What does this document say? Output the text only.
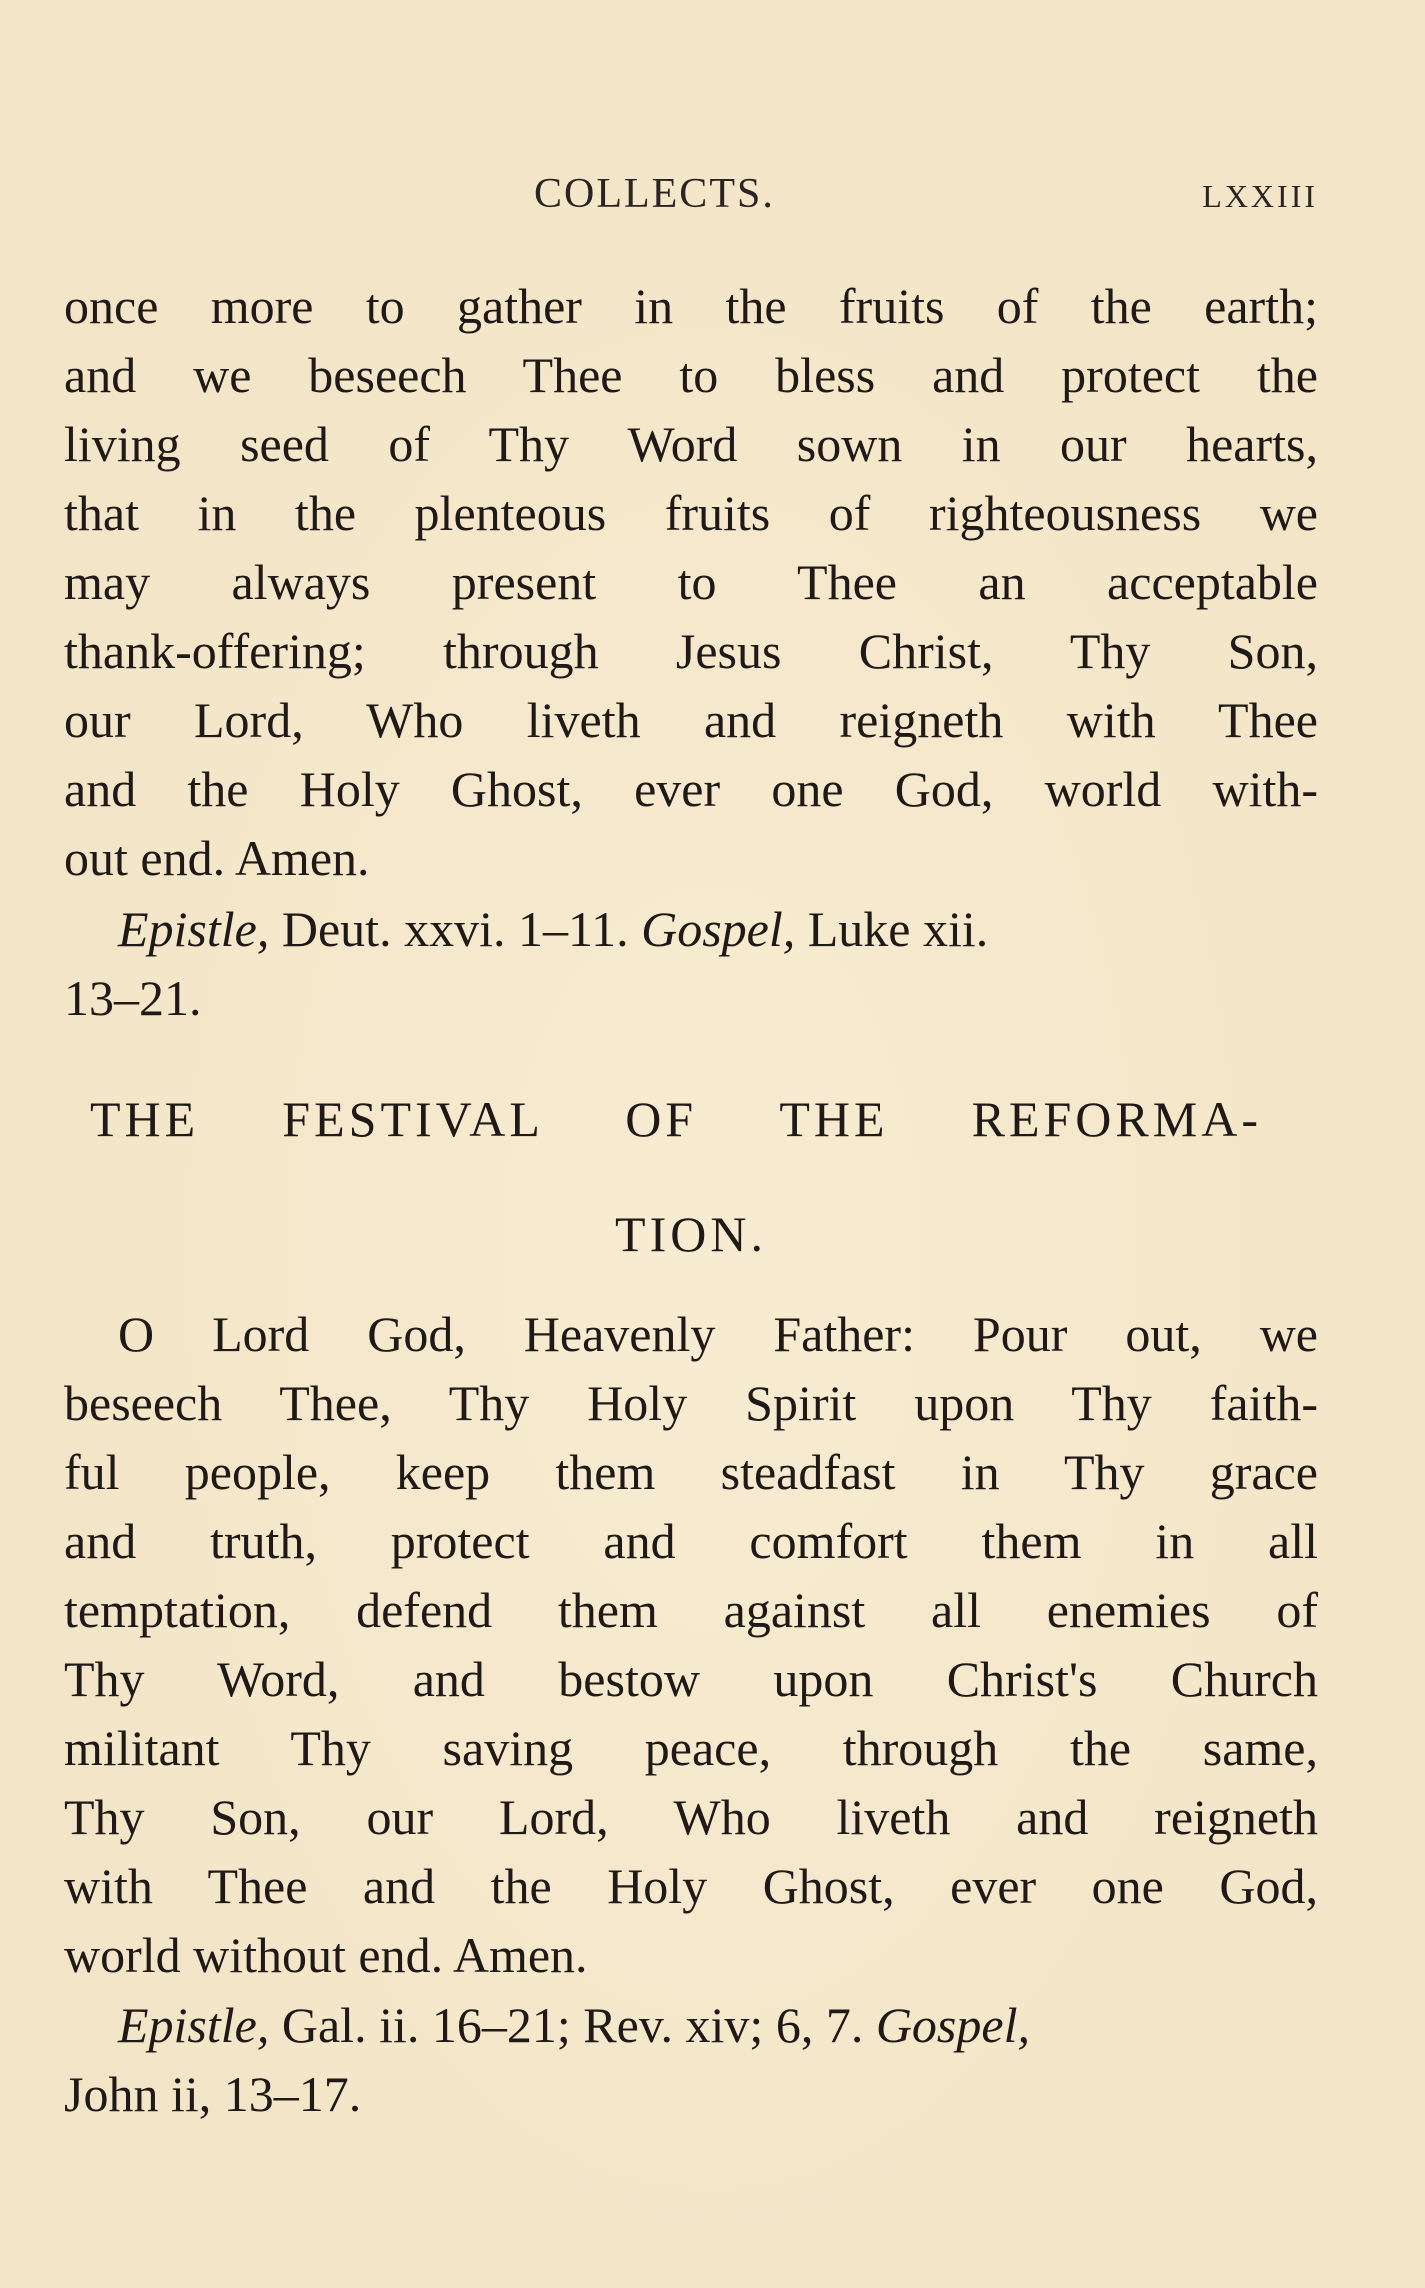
COLLECTS.	LXXIII
once more to gather in the fruits of the earth;
and we beseech Thee to bless and protect the
living seed of Thy Word sown in our hearts,
that in the plenteous fruits of righteousness we
may always present to Thee an acceptable
thank-offering; through Jesus Christ, Thy Son,
our Lord, Who liveth and reigneth with Thee
and the Holy Ghost, ever one God, world with-
out end. Amen.
Epistle, Deut. xxvi. 1–11. Gospel, Luke xii.
13–21.
THE FESTIVAL OF THE REFORMA-
TION.
O Lord God, Heavenly Father: Pour out, we
beseech Thee, Thy Holy Spirit upon Thy faith-
ful people, keep them steadfast in Thy grace
and truth, protect and comfort them in all
temptation, defend them against all enemies of
Thy Word, and bestow upon Christ's Church
militant Thy saving peace, through the same,
Thy Son, our Lord, Who liveth and reigneth
with Thee and the Holy Ghost, ever one God,
world without end. Amen.
Epistle, Gal. ii. 16–21; Rev. xiv; 6, 7. Gospel,
John ii, 13–17.
